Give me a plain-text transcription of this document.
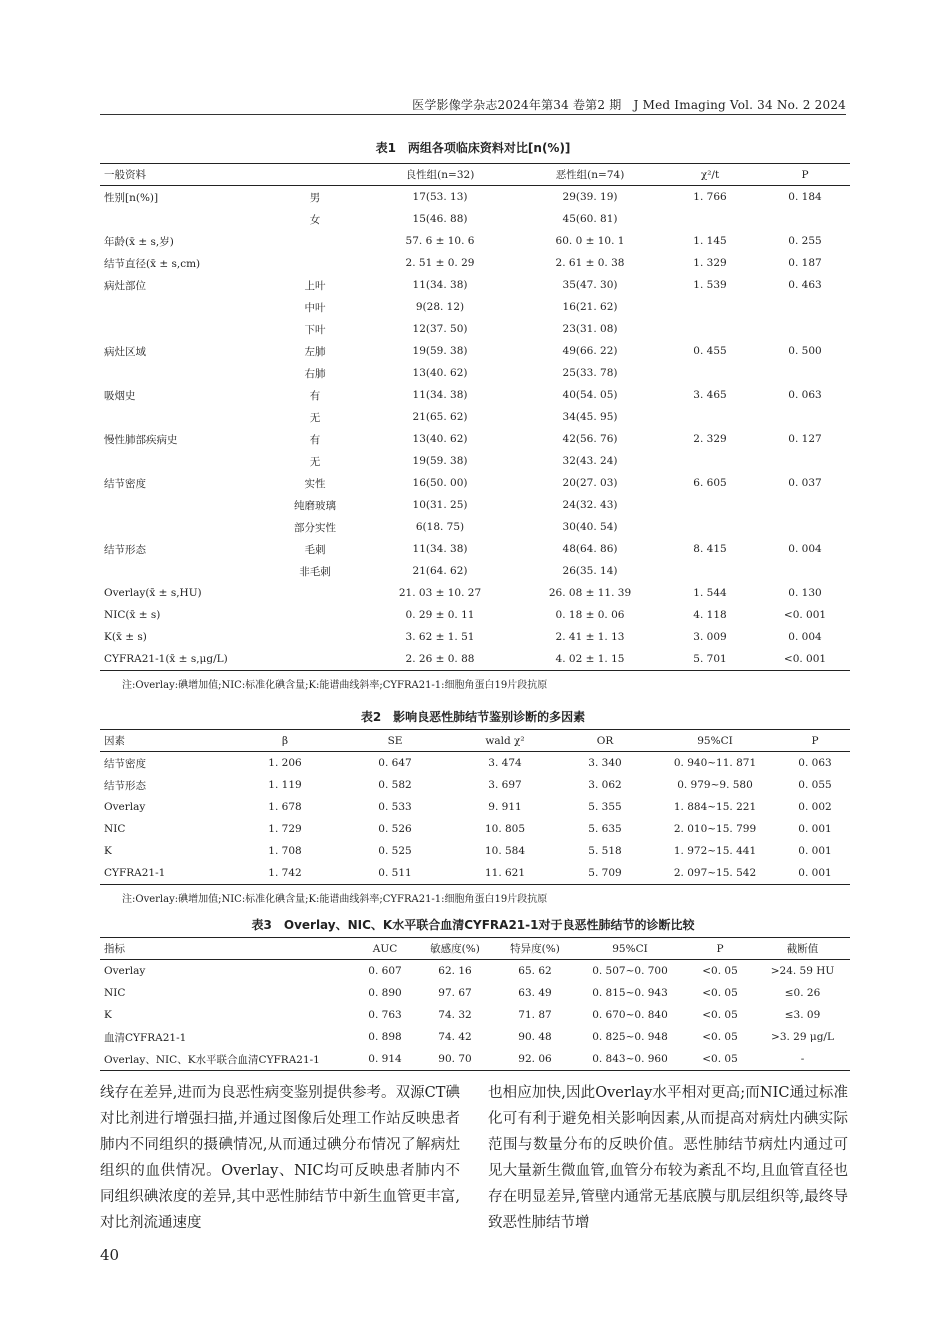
医学影像学杂志2024年第34 卷第2 期　J Med Imaging Vol. 34 No. 2 2024
表1　两组各项临床资料对比[n(%)]
一般资料		良性组(n=32)	恶性组(n=74)	χ²/t	P
性别[n(%)]	男	17(53. 13)	29(39. 19)	1. 766	0. 184
	女	15(46. 88)	45(60. 81)		
年龄(x̄ ± s,岁)		57. 6 ± 10. 6	60. 0 ± 10. 1	1. 145	0. 255
结节直径(x̄ ± s,cm)		2. 51 ± 0. 29	2. 61 ± 0. 38	1. 329	0. 187
病灶部位	上叶	11(34. 38)	35(47. 30)	1. 539	0. 463
	中叶	9(28. 12)	16(21. 62)		
	下叶	12(37. 50)	23(31. 08)		
病灶区域	左肺	19(59. 38)	49(66. 22)	0. 455	0. 500
	右肺	13(40. 62)	25(33. 78)		
吸烟史	有	11(34. 38)	40(54. 05)	3. 465	0. 063
	无	21(65. 62)	34(45. 95)		
慢性肺部疾病史	有	13(40. 62)	42(56. 76)	2. 329	0. 127
	无	19(59. 38)	32(43. 24)		
结节密度	实性	16(50. 00)	20(27. 03)	6. 605	0. 037
	纯磨玻璃	10(31. 25)	24(32. 43)		
	部分实性	6(18. 75)	30(40. 54)		
结节形态	毛刺	11(34. 38)	48(64. 86)	8. 415	0. 004
	非毛刺	21(64. 62)	26(35. 14)		
Overlay(x̄ ± s,HU)		21. 03 ± 10. 27	26. 08 ± 11. 39	1. 544	0. 130
NIC(x̄ ± s)		0. 29 ± 0. 11	0. 18 ± 0. 06	4. 118	<0. 001
K(x̄ ± s)		3. 62 ± 1. 51	2. 41 ± 1. 13	3. 009	0. 004
CYFRA21-1(x̄ ± s,μg/L)		2. 26 ± 0. 88	4. 02 ± 1. 15	5. 701	<0. 001
注:Overlay:碘增加值;NIC:标准化碘含量;K:能谱曲线斜率;CYFRA21-1:细胞角蛋白19片段抗原
表2　影响良恶性肺结节鉴别诊断的多因素
因素	β	SE	wald χ²	OR	95%CI	P
结节密度	1. 206	0. 647	3. 474	3. 340	0. 940~11. 871	0. 063
结节形态	1. 119	0. 582	3. 697	3. 062	0. 979~9. 580	0. 055
Overlay	1. 678	0. 533	9. 911	5. 355	1. 884~15. 221	0. 002
NIC	1. 729	0. 526	10. 805	5. 635	2. 010~15. 799	0. 001
K	1. 708	0. 525	10. 584	5. 518	1. 972~15. 441	0. 001
CYFRA21-1	1. 742	0. 511	11. 621	5. 709	2. 097~15. 542	0. 001
注:Overlay:碘增加值;NIC:标准化碘含量;K:能谱曲线斜率;CYFRA21-1:细胞角蛋白19片段抗原
表3　Overlay、NIC、K水平联合血清CYFRA21-1对于良恶性肺结节的诊断比较
指标	AUC	敏感度(%)	特异度(%)	95%CI	P	截断值
Overlay	0. 607	62. 16	65. 62	0. 507~0. 700	<0. 05	>24. 59 HU
NIC	0. 890	97. 67	63. 49	0. 815~0. 943	<0. 05	≤0. 26
K	0. 763	74. 32	71. 87	0. 670~0. 840	<0. 05	≤3. 09
血清CYFRA21-1	0. 898	74. 42	90. 48	0. 825~0. 948	<0. 05	>3. 29 μg/L
Overlay、NIC、K水平联合血清CYFRA21-1	0. 914	90. 70	92. 06	0. 843~0. 960	<0. 05	-
线存在差异,进而为良恶性病变鉴别提供参考。双源CT碘对比剂进行增强扫描,并通过图像后处理工作站反映患者肺内不同组织的摄碘情况,从而通过碘分布情况了解病灶组织的血供情况。Overlay、NIC均可反映患者肺内不同组织碘浓度的差异,其中恶性肺结节中新生血管更丰富,对比剂流通速度
也相应加快,因此Overlay水平相对更高;而NIC通过标准化可有利于避免相关影响因素,从而提高对病灶内碘实际范围与数量分布的反映价值。恶性肺结节病灶内通过可见大量新生微血管,血管分布较为紊乱不均,且血管直径也存在明显差异,管壁内通常无基底膜与肌层组织等,最终导致恶性肺结节增
40
